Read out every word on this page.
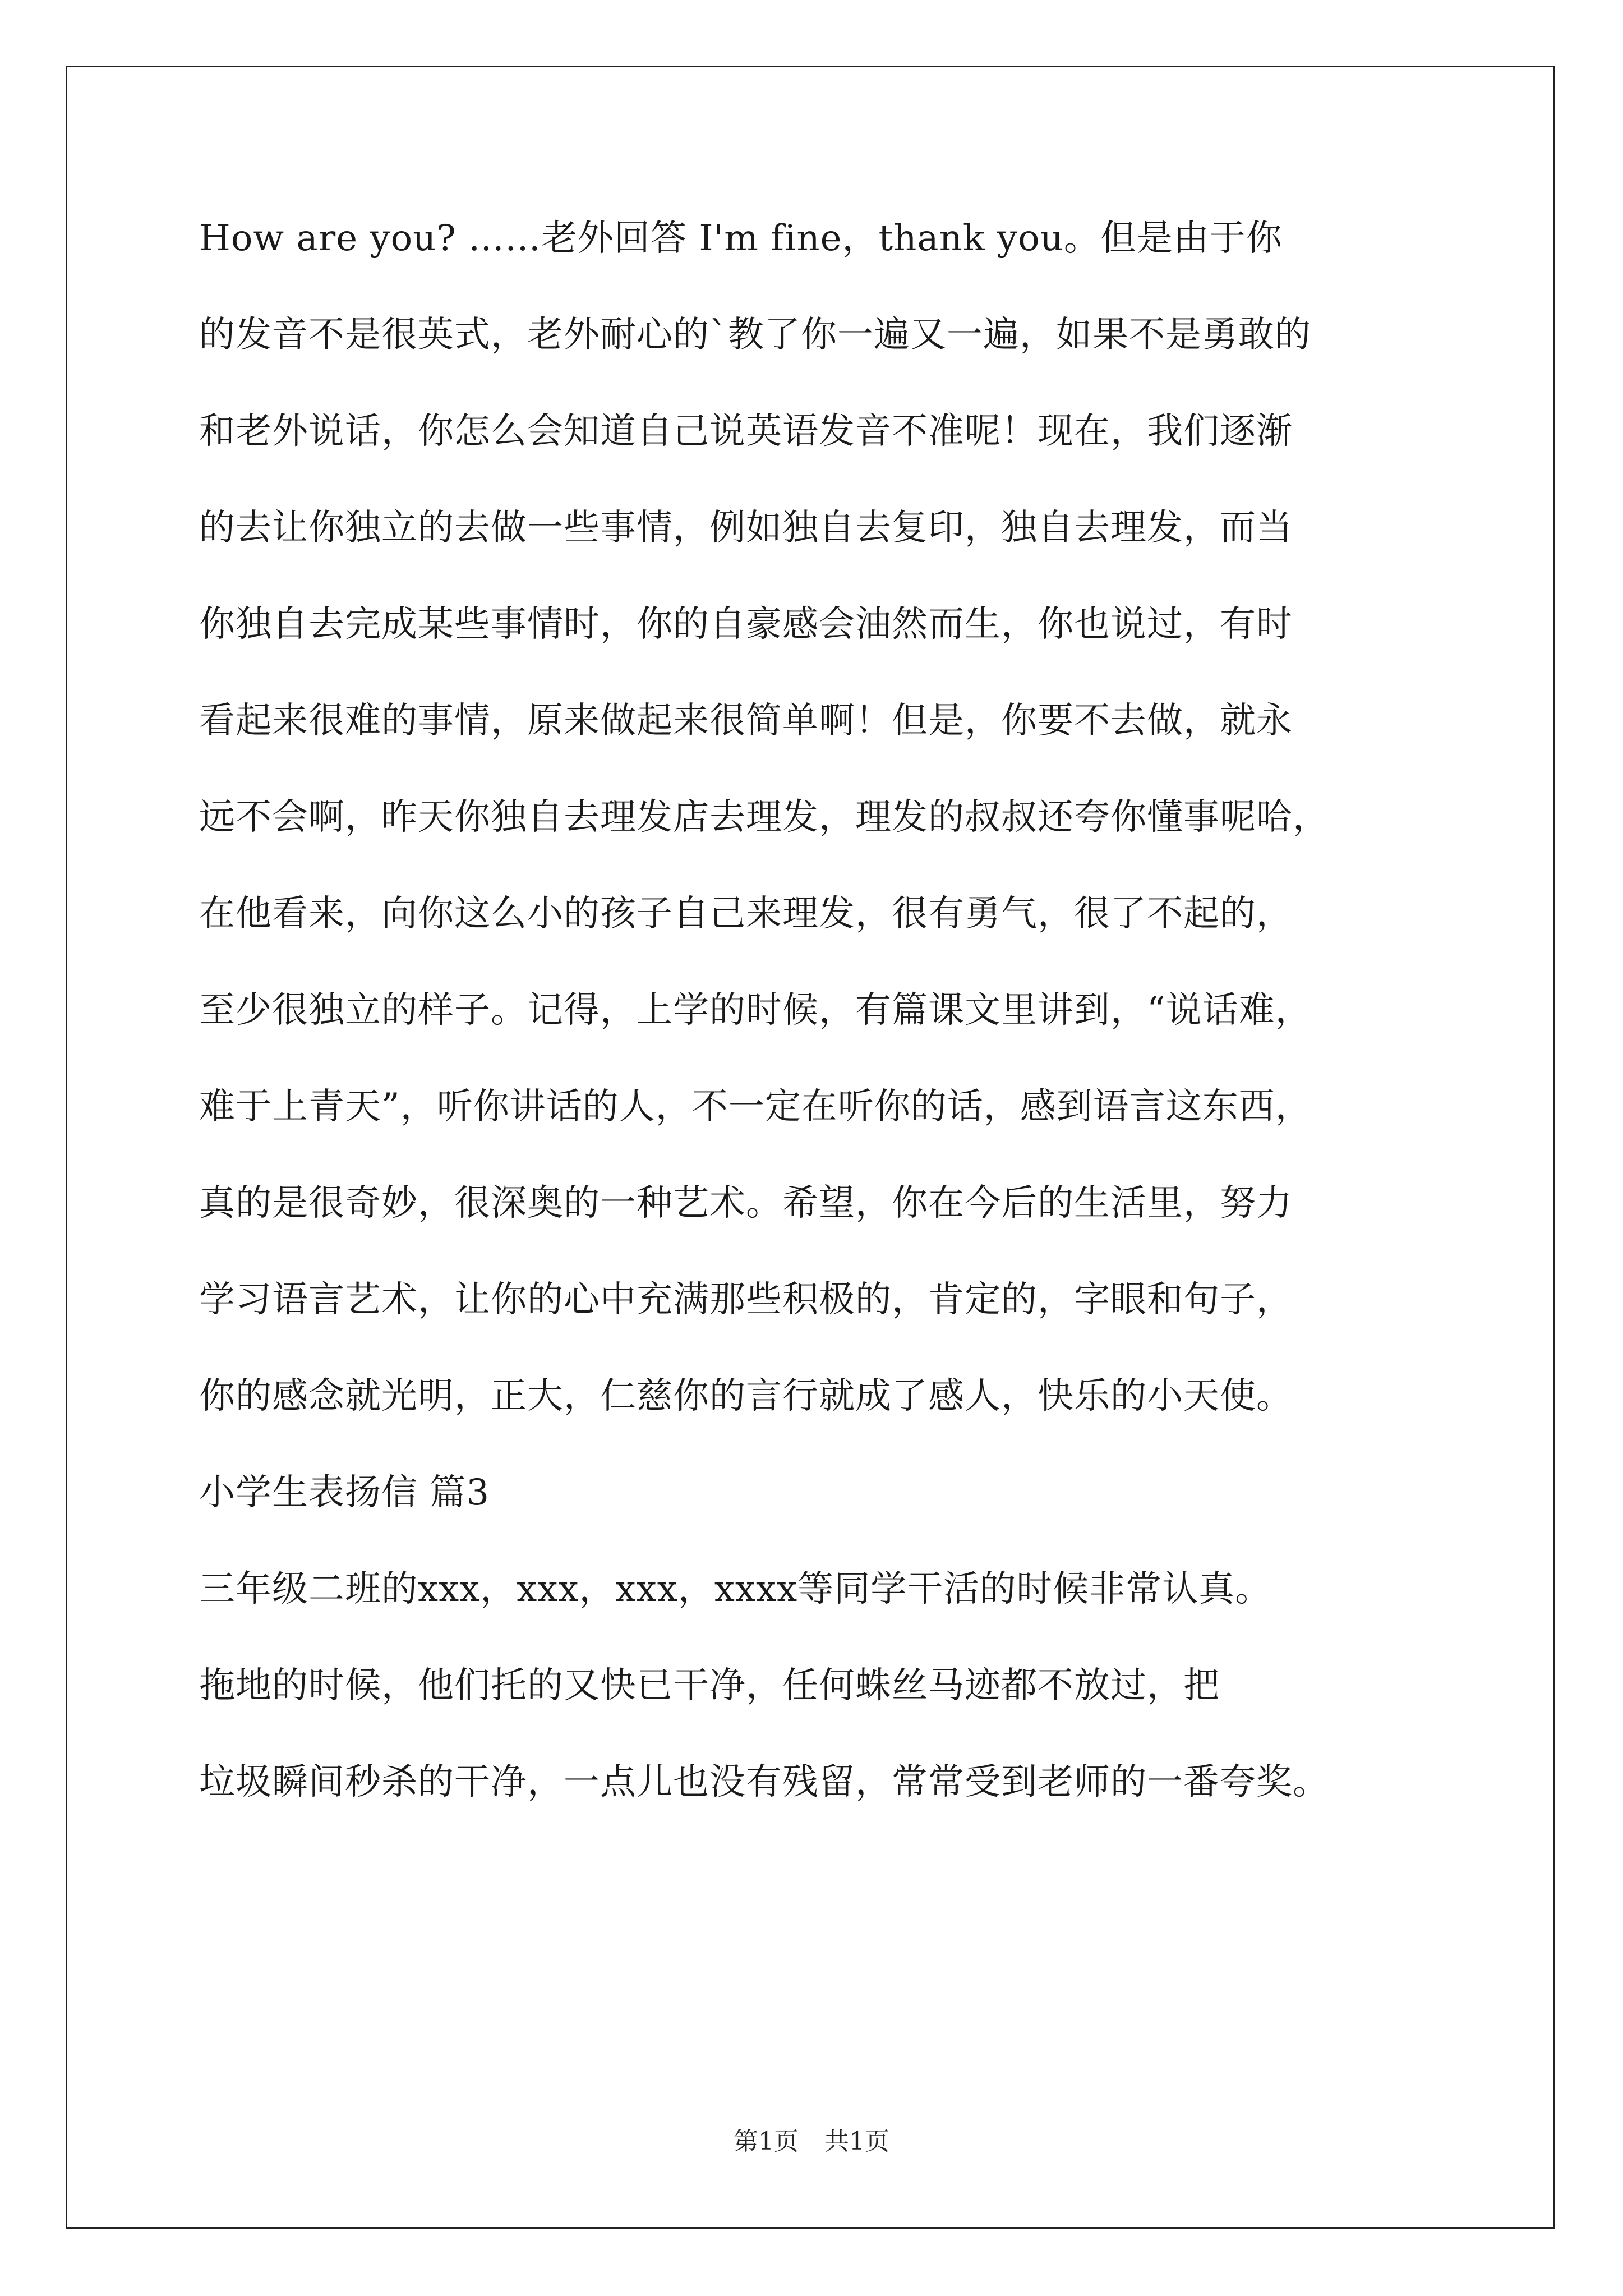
How are you? ……老外回答 I'm fine，thank you。但是由于你
的发音不是很英式，老外耐心的`教了你一遍又一遍，如果不是勇敢的
和老外说话，你怎么会知道自己说英语发音不准呢！现在，我们逐渐
的去让你独立的去做一些事情，例如独自去复印，独自去理发，而当
你独自去完成某些事情时，你的自豪感会油然而生，你也说过，有时
看起来很难的事情，原来做起来很简单啊！但是，你要不去做，就永
远不会啊，昨天你独自去理发店去理发，理发的叔叔还夸你懂事呢哈，
在他看来，向你这么小的孩子自己来理发，很有勇气，很了不起的，
至少很独立的样子。记得，上学的时候，有篇课文里讲到，“说话难，
难于上青天”，听你讲话的人，不一定在听你的话，感到语言这东西，
真的是很奇妙，很深奥的一种艺术。希望，你在今后的生活里，努力
学习语言艺术，让你的心中充满那些积极的，肯定的，字眼和句子，
你的感念就光明，正大，仁慈你的言行就成了感人，快乐的小天使。
小学生表扬信 篇3
三年级二班的xxx，xxx，xxx，xxxx等同学干活的时候非常认真。
拖地的时候，他们托的又快已干净，任何蛛丝马迹都不放过，把
垃圾瞬间秒杀的干净，一点儿也没有残留，常常受到老师的一番夸奖。
第1页 共1页
